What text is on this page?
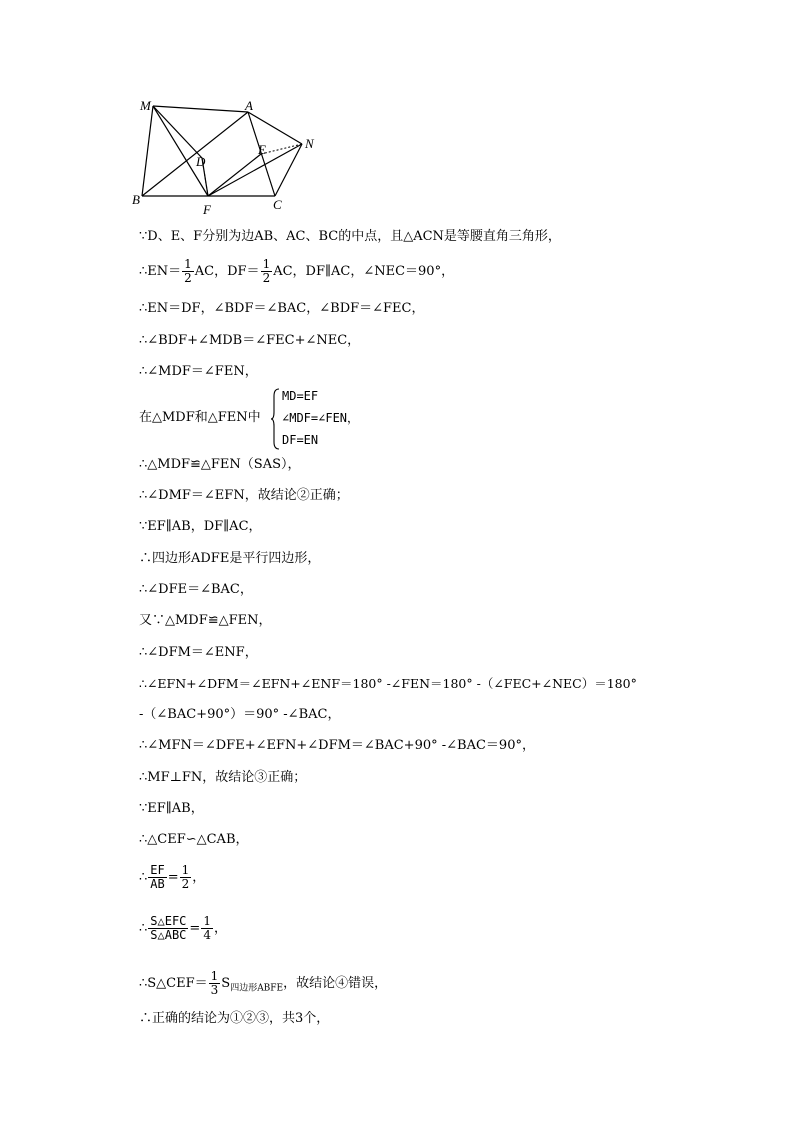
M	A
N
D
E
B
F	C
∵D、E、F分别为边AB、AC、BC的中点，且△ACN是等腰直角三角形，
∴EN＝ $\frac{1}{2}$ AC，$DF= \frac{1}{2}$ AC，DF∥AC，∠NEC＝90°，
∴EN＝DF，∠BDF＝∠BAC，∠BDF＝∠FEC，
∴∠BDF+∠MDB＝∠FEC+∠NEC，
∴∠MDF＝∠FEN，
在△MDF和△FEN中
MD=EF
∠MDF=∠FEN，
DF=EN
∴△MDF≌△FEN（SAS），
∴∠DMF＝∠EFN，故结论②正确；
∵EF∥AB，DF∥AC，
∴四边形ADFE是平行四边形，
∴∠DFE＝∠BAC，
又∵△MDF≌△FEN，
∴∠DFM＝∠ENF，
∴∠EFN+∠DFM＝∠EFN+∠ENF＝180° -∠FEN＝180° -（∠FEC+∠NEC）＝180°
-（∠BAC+90°）＝90° -∠BAC，
∴∠MFN＝∠DFE+∠EFN+∠DFM＝∠BAC+90° -∠BAC＝90°，
∴MF⊥FN，故结论③正确；
∵EF∥AB，
∴△CEF∽△CAB，
∴ $\frac{EF}{AB} = \frac{1}{2}$ ，
∴ $\frac{\text{S△EFC}}{\text{S△ABC}} = \frac{1}{4}$ ，
∴S△CEF＝ $\frac{1}{3} S_{四边形ABFE}$，故结论④错误，
∴正确的结论为①②③，共3个，
